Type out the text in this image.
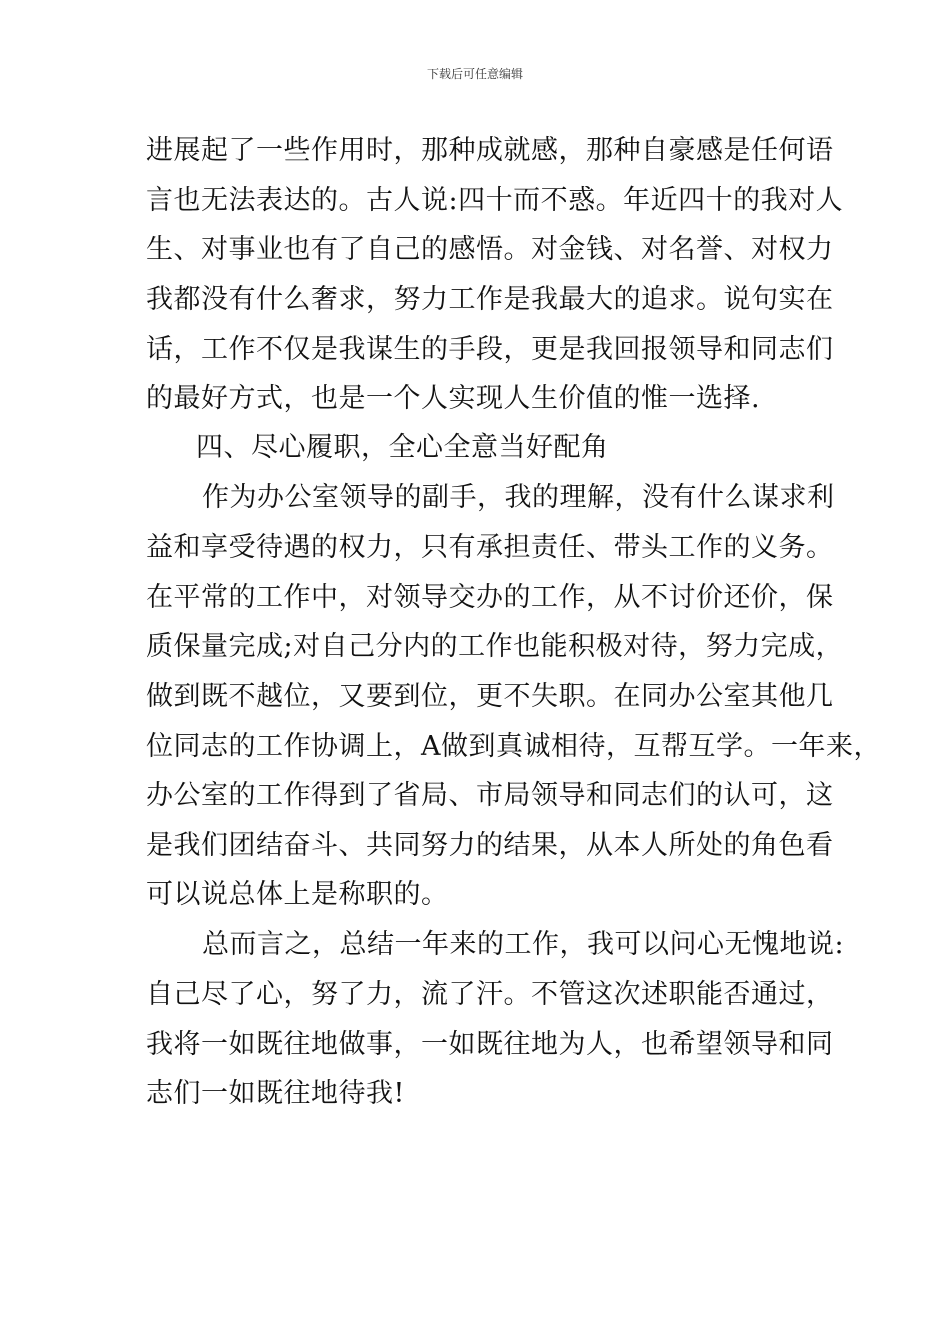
下载后可任意编辑
进展起了一些作用时，那种成就感，那种自豪感是任何语
言也无法表达的。古人说:四十而不惑。年近四十的我对人
生、对事业也有了自己的感悟。对金钱、对名誉、对权力
我都没有什么奢求，努力工作是我最大的追求。说句实在
话，工作不仅是我谋生的手段，更是我回报领导和同志们
的最好方式，也是一个人实现人生价值的惟一选择.
四、尽心履职，全心全意当好配角
作为办公室领导的副手，我的理解，没有什么谋求利
益和享受待遇的权力，只有承担责任、带头工作的义务。
在平常的工作中，对领导交办的工作，从不讨价还价，保
质保量完成;对自己分内的工作也能积极对待，努力完成，
做到既不越位，又要到位，更不失职。在同办公室其他几
位同志的工作协调上，A做到真诚相待，互帮互学。一年来，
办公室的工作得到了省局、市局领导和同志们的认可，这
是我们团结奋斗、共同努力的结果，从本人所处的角色看
可以说总体上是称职的。
总而言之，总结一年来的工作，我可以问心无愧地说:
自己尽了心，努了力，流了汗。不管这次述职能否通过，
我将一如既往地做事，一如既往地为人，也希望领导和同
志们一如既往地待我!
